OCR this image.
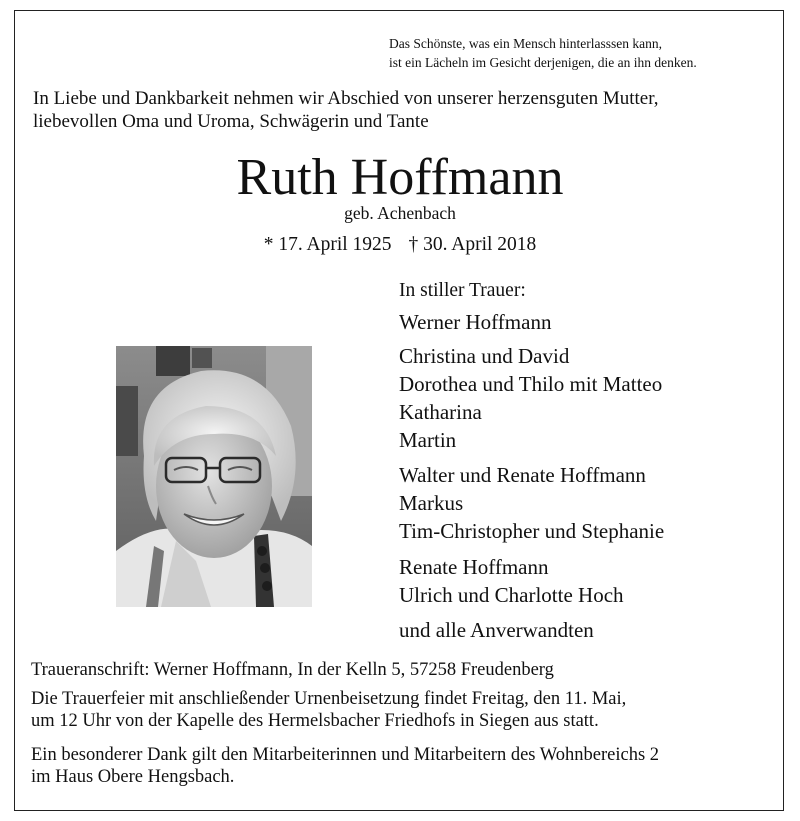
Das Schönste, was ein Mensch hinterlasssen kann,
ist ein Lächeln im Gesicht derjenigen, die an ihn denken.

In Liebe und Dankbarkeit nehmen wir Abschied von unserer herzensguten Mutter,
liebevollen Oma und Uroma, Schwägerin und Tante

Ruth Hoffmann
geb. Achenbach
* 17. April 1925 † 30. April 2018
In stiller Trauer:
Werner Hoffmann
Christina und David
Dorothea und Thilo mit Matteo
Katharina
Martin
Walter und Renate Hoffmann
Markus
Tim-Christopher und Stephanie
Renate Hoffmann
Ulrich und Charlotte Hoch
und alle Anverwandten
Traueranschrift: Werner Hoffmann, In der Kelln 5, 57258 Freudenberg

Die Trauerfeier mit anschließender Urnenbeisetzung findet Freitag, den 11. Mai,
um 12 Uhr von der Kapelle des Hermelsbacher Friedhofs in Siegen aus statt.

Ein besonderer Dank gilt den Mitarbeiterinnen und Mitarbeitern des Wohnbereichs 2
im Haus Obere Hengsbach.
